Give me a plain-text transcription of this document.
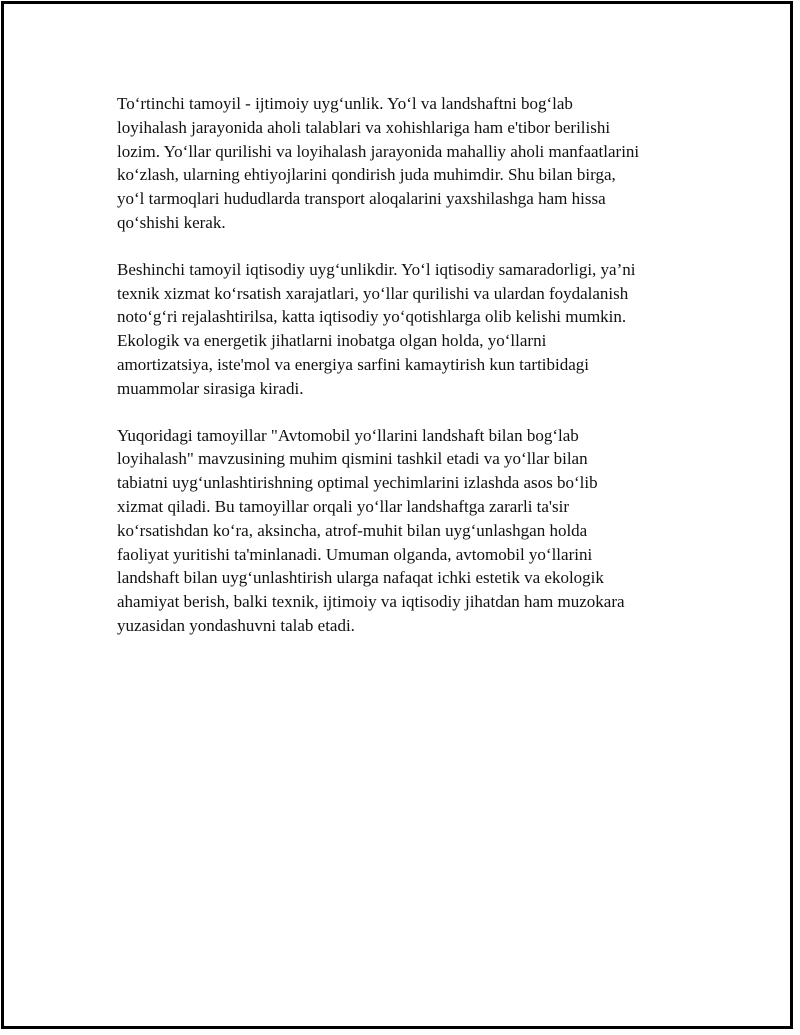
To‘rtinchi tamoyil - ijtimoiy uyg‘unlik. Yo‘l va landshaftni bog‘lab
loyihalash jarayonida aholi talablari va xohishlariga ham e'tibor berilishi
lozim. Yo‘llar qurilishi va loyihalash jarayonida mahalliy aholi manfaatlarini
ko‘zlash, ularning ehtiyojlarini qondirish juda muhimdir. Shu bilan birga,
yo‘l tarmoqlari hududlarda transport aloqalarini yaxshilashga ham hissa
qo‘shishi kerak.

Beshinchi tamoyil iqtisodiy uyg‘unlikdir. Yo‘l iqtisodiy samaradorligi, ya’ni
texnik xizmat ko‘rsatish xarajatlari, yo‘llar qurilishi va ulardan foydalanish
noto‘g‘ri rejalashtirilsa, katta iqtisodiy yo‘qotishlarga olib kelishi mumkin.
Ekologik va energetik jihatlarni inobatga olgan holda, yo‘llarni
amortizatsiya, iste'mol va energiya sarfini kamaytirish kun tartibidagi
muammolar sirasiga kiradi.

Yuqoridagi tamoyillar "Avtomobil yo‘llarini landshaft bilan bog‘lab
loyihalash" mavzusining muhim qismini tashkil etadi va yo‘llar bilan
tabiatni uyg‘unlashtirishning optimal yechimlarini izlashda asos bo‘lib
xizmat qiladi. Bu tamoyillar orqali yo‘llar landshaftga zararli ta'sir
ko‘rsatishdan ko‘ra, aksincha, atrof-muhit bilan uyg‘unlashgan holda
faoliyat yuritishi ta'minlanadi. Umuman olganda, avtomobil yo‘llarini
landshaft bilan uyg‘unlashtirish ularga nafaqat ichki estetik va ekologik
ahamiyat berish, balki texnik, ijtimoiy va iqtisodiy jihatdan ham muzokara
yuzasidan yondashuvni talab etadi.
